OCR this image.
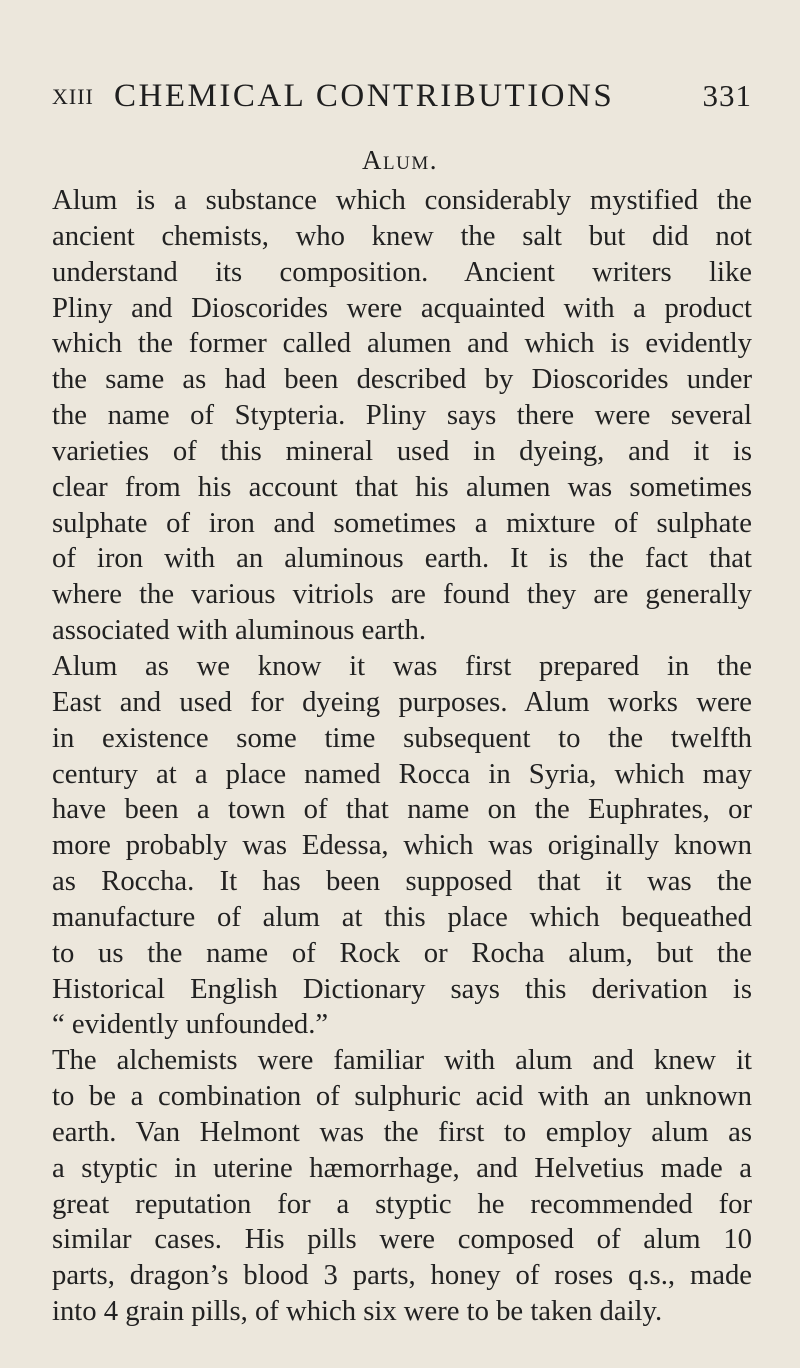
XIII CHEMICAL CONTRIBUTIONS	331
Alum.
Alum is a substance which considerably mystified the
ancient chemists, who knew the salt but did not
understand its composition. Ancient writers like
Pliny and Dioscorides were acquainted with a product
which the former called alumen and which is evidently
the same as had been described by Dioscorides under
the name of Stypteria. Pliny says there were several
varieties of this mineral used in dyeing, and it is
clear from his account that his alumen was sometimes
sulphate of iron and sometimes a mixture of sulphate
of iron with an aluminous earth. It is the fact that
where the various vitriols are found they are generally
associated with aluminous earth.
Alum as we know it was first prepared in the
East and used for dyeing purposes. Alum works were
in existence some time subsequent to the twelfth
century at a place named Rocca in Syria, which may
have been a town of that name on the Euphrates, or
more probably was Edessa, which was originally known
as Roccha. It has been supposed that it was the
manufacture of alum at this place which bequeathed
to us the name of Rock or Rocha alum, but the
Historical English Dictionary says this derivation is
“ evidently unfounded.”
The alchemists were familiar with alum and knew it
to be a combination of sulphuric acid with an unknown
earth. Van Helmont was the first to employ alum as
a styptic in uterine hæmorrhage, and Helvetius made a
great reputation for a styptic he recommended for
similar cases. His pills were composed of alum 10
parts, dragon’s blood 3 parts, honey of roses q.s., made
into 4 grain pills, of which six were to be taken daily.
